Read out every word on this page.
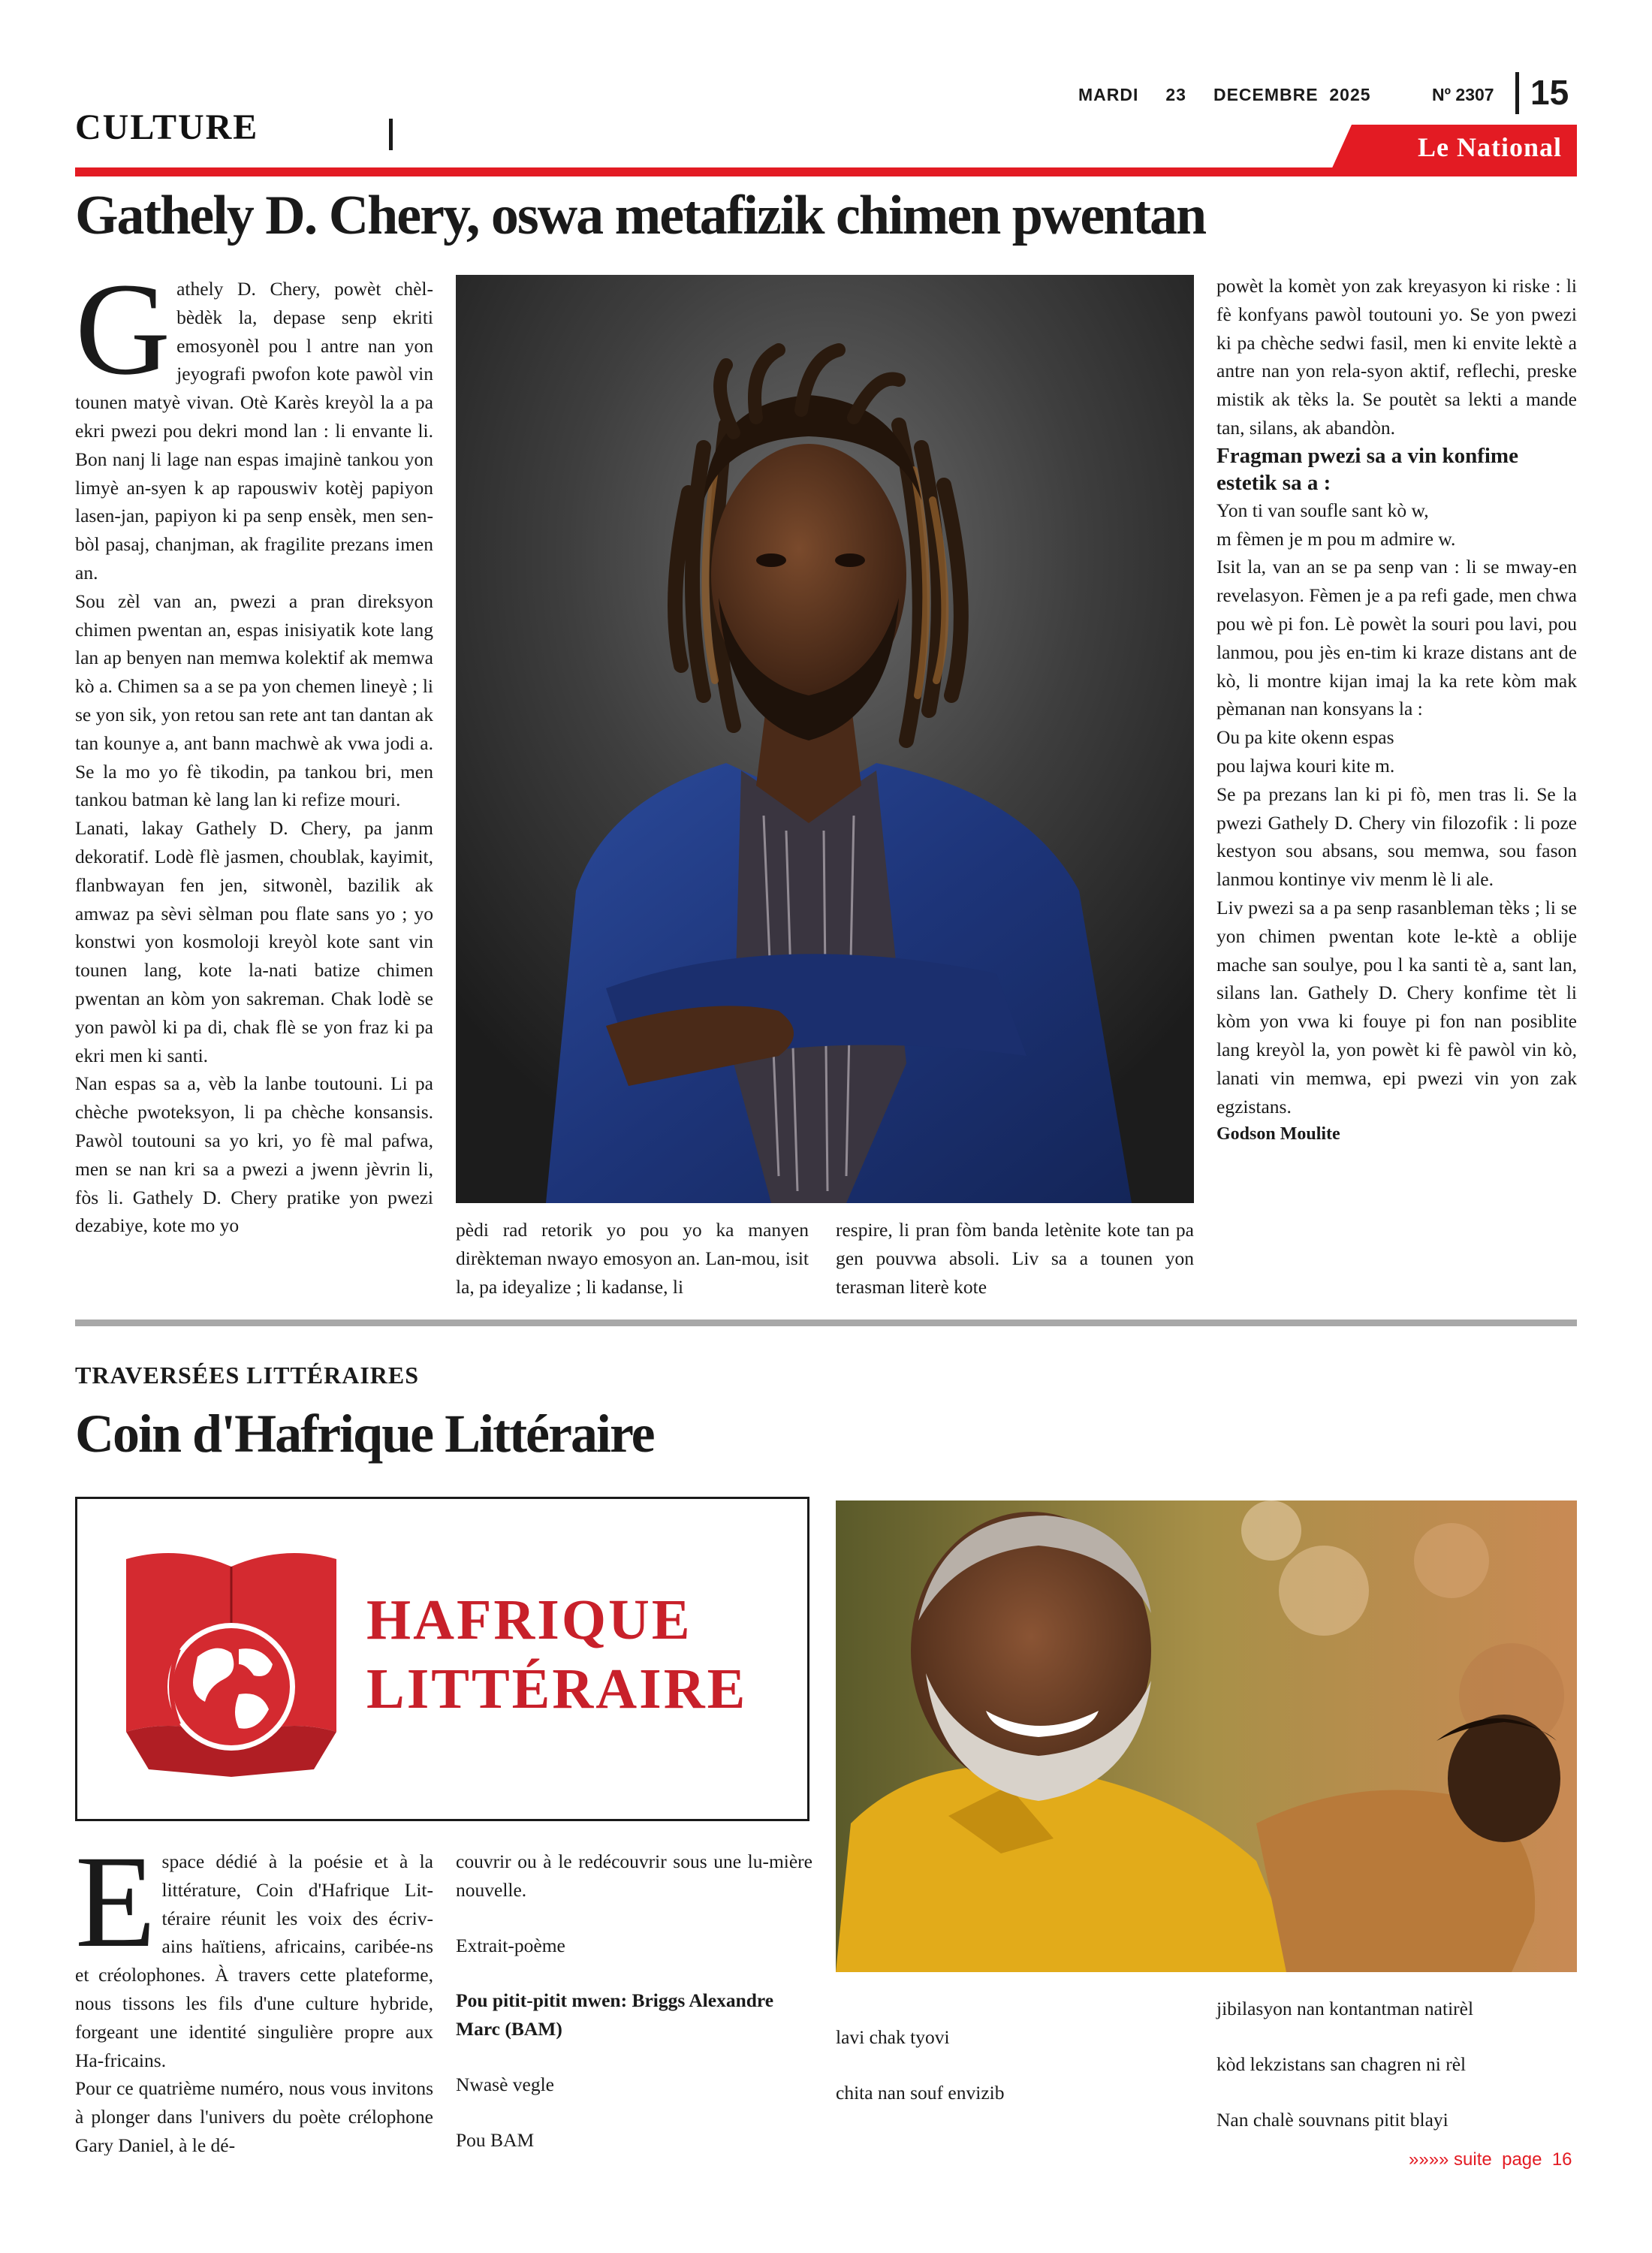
MARDI 23 DECEMBRE  2025	Nº 2307 15
CULTURE	Le National
Gathely D. Chery, oswa metafizik chimen pwentan
G athely D. Chery, powèt chèl-bèdèk la, depase senp ekriti emosyonèl pou l antre nan yon jeyografi pwofon kote pawòl vin tounen matyè vivan. Otè Karès kreyòl la a pa ekri pwezi pou dekri mond lan : li envante li. Bon nanj li lage nan espas imajinè tankou yon limyè an-syen k ap rapouswiv kotèj papiyon lasen-jan, papiyon ki pa senp ensèk, men sen-bòl pasaj, chanjman, ak fragilite prezans imen an.

Sou zèl van an, pwezi a pran direksyon chimen pwentan an, espas inisiyatik kote lang lan ap benyen nan memwa kolektif ak memwa kò a. Chimen sa a se pa yon chemen lineyè ; li se yon sik, yon retou san rete ant tan dantan ak tan kounye a, ant bann machwè ak vwa jodi a. Se la mo yo fè tikodin, pa tankou bri, men tankou batman kè lang lan ki refize mouri.

Lanati, lakay Gathely D. Chery, pa janm dekoratif. Lodè flè jasmen, choublak, kayimit, flanbwayan fen jen, sitwonèl, bazilik ak amwaz pa sèvi sèlman pou flate sans yo ; yo konstwi yon kosmoloji kreyòl kote sant vin tounen lang, kote la-nati batize chimen pwentan an kòm yon sakreman. Chak lodè se yon pawòl ki pa di, chak flè se yon fraz ki pa ekri men ki santi.

Nan espas sa a, vèb la lanbe toutouni. Li pa chèche pwoteksyon, li pa chèche konsansis. Pawòl toutouni sa yo kri, yo fè mal pafwa, men se nan kri sa a pwezi a jwenn jèvrin li, fòs li. Gathely D. Chery pratike yon pwezi dezabiye, kote mo yo	pèdi rad retorik yo pou yo ka manyen dirèkteman nwayo emosyon an. Lan-mou, isit la, pa ideyalize ; li kadanse, li

respire, li pran fòm banda letènite kote tan pa gen pouvwa absoli. Liv sa a tounen yon terasman literè kote

powèt la komèt yon zak kreyasyon ki riske : li fè konfyans pawòl toutouni yo. Se yon pwezi ki pa chèche sedwi fasil, men ki envite lektè a antre nan yon rela-syon aktif, reflechi, preske mistik ak tèks la. Se poutèt sa lekti a mande tan, silans, ak abandòn.

Fragman pwezi sa a vin konfime estetik sa a :

Yon ti van soufle sant kò w,

m fèmen je m pou m admire w.

Isit la, van an se pa senp van : li se mway-en revelasyon. Fèmen je a pa refi gade, men chwa pou wè pi fon. Lè powèt la souri pou lavi, pou lanmou, pou jès en-tim ki kraze distans ant de kò, li montre kijan imaj la ka rete kòm mak pèmanan nan konsyans la :

Ou pa kite okenn espas

pou lajwa kouri kite m.

Se pa prezans lan ki pi fò, men tras li. Se la pwezi Gathely D. Chery vin filozofik : li poze kestyon sou absans, sou memwa, sou fason lanmou kontinye viv menm lè li ale.

Liv pwezi sa a pa senp rasanbleman tèks ; li se yon chimen pwentan kote le-ktè a oblije mache san soulye, pou l ka santi tè a, sant lan, silans lan. Gathely D. Chery konfime tèt li kòm yon vwa ki fouye pi fon nan posiblite lang kreyòl la, yon powèt ki fè pawòl vin kò, lanati vin memwa, epi pwezi vin yon zak egzistans.

Godson Moulite

TRAVERSÉES LITTÉRAIRES
Coin d'Hafrique Littéraire
HAFRIQUE
LITTÉRAIRE
E space dédié à la poésie et à la littérature, Coin d'Hafrique Lit-téraire réunit les voix des écriv-ains haïtiens, africains, caribée-ns et créolophones. À travers cette plateforme, nous tissons les fils d'une culture hybride, forgeant une identité singulière propre aux Ha-fricains.

Pour ce quatrième numéro, nous vous invitons à plonger dans l'univers du poète crélophone Gary Daniel, à le dé-

couvrir ou à le redécouvrir sous une lu-mière nouvelle.

Extrait-poème

Pou pitit-pitit mwen: Briggs Alexandre Marc (BAM)

Nwasè vegle

Pou BAM

lavi chak tyovi
chita nan souf envizib
jibilasyon nan kontantman natirèl
kòd lekzistans san chagren ni rèl
Nan chalè souvnans pitit blayi
»»»» suite  page  16
